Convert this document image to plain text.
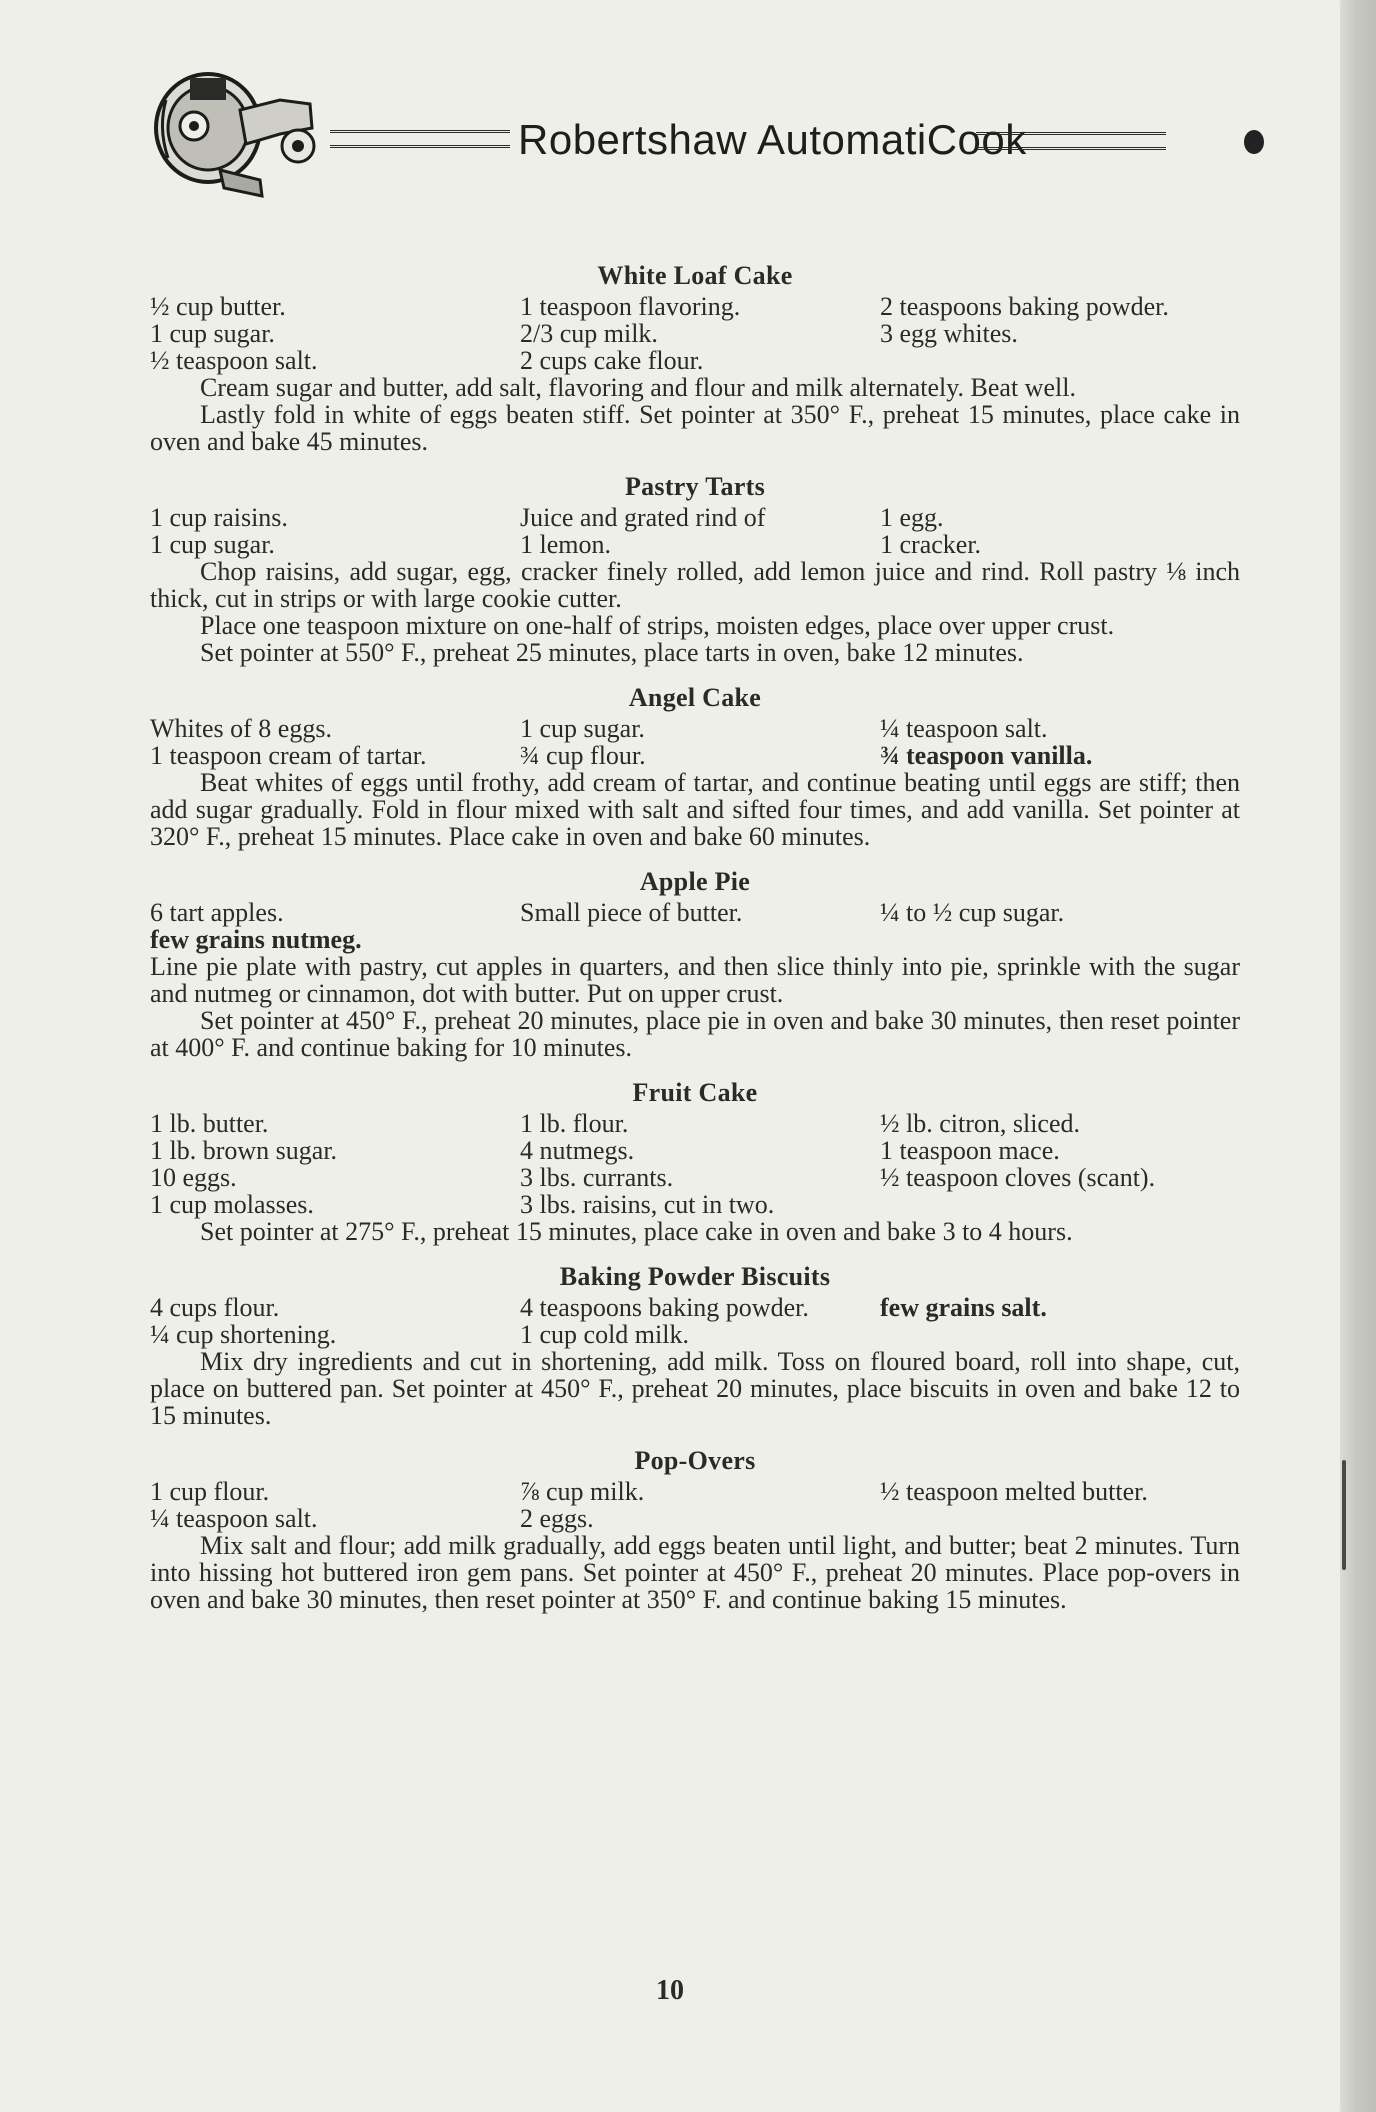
Robertshaw AutomatiCook
White Loaf Cake
½ cup butter.
1 cup sugar.
½ teaspoon salt.
1 teaspoon flavoring.
2/3 cup milk.
2 cups cake flour.
2 teaspoons baking powder.
3 egg whites.

Cream sugar and butter, add salt, flavoring and flour and milk alternately. Beat well.

Lastly fold in white of eggs beaten stiff. Set pointer at 350° F., preheat 15 minutes, place cake in oven and bake 45 minutes.

Pastry Tarts
1 cup raisins.
1 cup sugar.
Juice and grated rind of
1 lemon.
1 egg.
1 cracker.

Chop raisins, add sugar, egg, cracker finely rolled, add lemon juice and rind. Roll pastry ⅛ inch thick, cut in strips or with large cookie cutter.

Place one teaspoon mixture on one-half of strips, moisten edges, place over upper crust.

Set pointer at 550° F., preheat 25 minutes, place tarts in oven, bake 12 minutes.

Angel Cake
Whites of 8 eggs.
1 teaspoon cream of tartar.
1 cup sugar.
¾ cup flour.
¼ teaspoon salt.
¾ teaspoon vanilla.

Beat whites of eggs until frothy, add cream of tartar, and continue beating until eggs are stiff; then add sugar gradually. Fold in flour mixed with salt and sifted four times, and add vanilla. Set pointer at 320° F., preheat 15 minutes. Place cake in oven and bake 60 minutes.

Apple Pie
6 tart apples.
few grains nutmeg.
Small piece of butter.	¼ to ½ cup sugar.

Line pie plate with pastry, cut apples in quarters, and then slice thinly into pie, sprinkle with the sugar and nutmeg or cinnamon, dot with butter. Put on upper crust.

Set pointer at 450° F., preheat 20 minutes, place pie in oven and bake 30 minutes, then reset pointer at 400° F. and continue baking for 10 minutes.

Fruit Cake
1 lb. butter.
1 lb. brown sugar.
10 eggs.
1 cup molasses.
1 lb. flour.
4 nutmegs.
3 lbs. currants.
3 lbs. raisins, cut in two.
½ lb. citron, sliced.
1 teaspoon mace.
½ teaspoon cloves (scant).

Set pointer at 275° F., preheat 15 minutes, place cake in oven and bake 3 to 4 hours.

Baking Powder Biscuits
4 cups flour.
¼ cup shortening.
4 teaspoons baking powder.
1 cup cold milk.
few grains salt.

Mix dry ingredients and cut in shortening, add milk. Toss on floured board, roll into shape, cut, place on buttered pan. Set pointer at 450° F., preheat 20 minutes, place biscuits in oven and bake 12 to 15 minutes.

Pop-Overs
1 cup flour.
¼ teaspoon salt.
⅞ cup milk.
2 eggs.
½ teaspoon melted butter.

Mix salt and flour; add milk gradually, add eggs beaten until light, and butter; beat 2 minutes. Turn into hissing hot buttered iron gem pans. Set pointer at 450° F., preheat 20 minutes. Place pop-overs in oven and bake 30 minutes, then reset pointer at 350° F. and continue baking 15 minutes.

10
